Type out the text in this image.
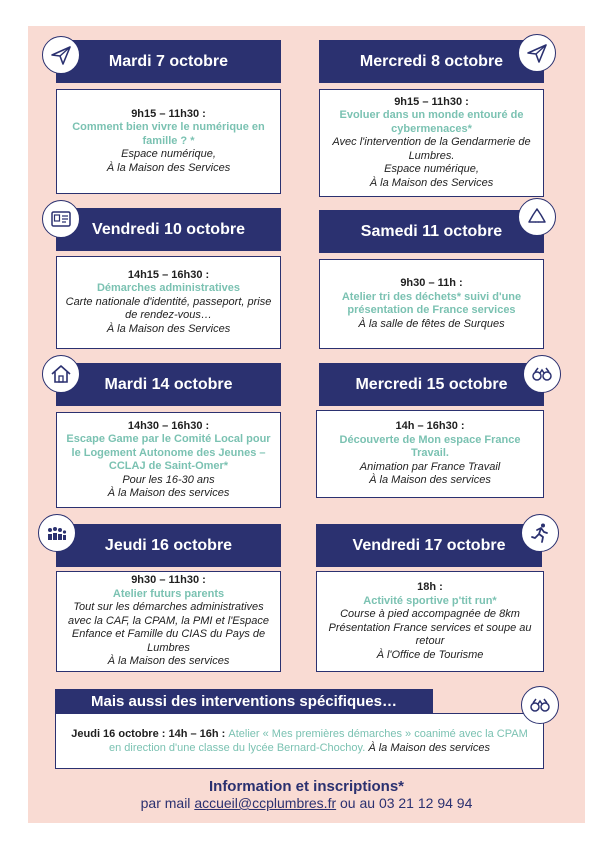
Mardi 7 octobre
9h15 – 11h30 :
Comment bien vivre le numérique en famille ? *
Espace numérique,
À la Maison des Services
Mercredi 8 octobre
9h15 – 11h30 :
Evoluer dans un monde entouré de cybermenaces*
Avec l'intervention de la Gendarmerie de Lumbres.
Espace numérique,
À la Maison des Services
Vendredi 10 octobre
14h15 – 16h30 :
Démarches administratives
Carte nationale d'identité, passeport, prise de rendez-vous…
À la Maison des Services
Samedi 11 octobre
9h30 – 11h :
Atelier tri des déchets* suivi d'une présentation de France services
À la salle de fêtes de Surques
Mardi 14 octobre
14h30 – 16h30 :
Escape Game par le Comité Local pour le Logement Autonome des Jeunes – CCLAJ de Saint-Omer*
Pour les 16-30 ans
À la Maison des services
Mercredi 15 octobre
14h – 16h30 :
Découverte de Mon espace France Travail.
Animation par France Travail
À la Maison des services
Jeudi 16 octobre
9h30 – 11h30 :
Atelier futurs parents
Tout sur les démarches administratives avec la CAF, la CPAM, la PMI et l'Espace Enfance et Famille du CIAS du Pays de Lumbres
À la Maison des services
Vendredi 17 octobre
18h :
Activité sportive p'tit run*
Course à pied accompagnée de 8km
Présentation France services et soupe au retour
À l'Office de Tourisme
Mais aussi des interventions spécifiques…
Jeudi 16 octobre : 14h – 16h : Atelier « Mes premières démarches » coanimé avec la CPAM en direction d'une classe du lycée Bernard-Chochoy. À la Maison des services
Information et inscriptions*
par mail accueil@ccplumbres.fr ou au 03 21 12 94 94
